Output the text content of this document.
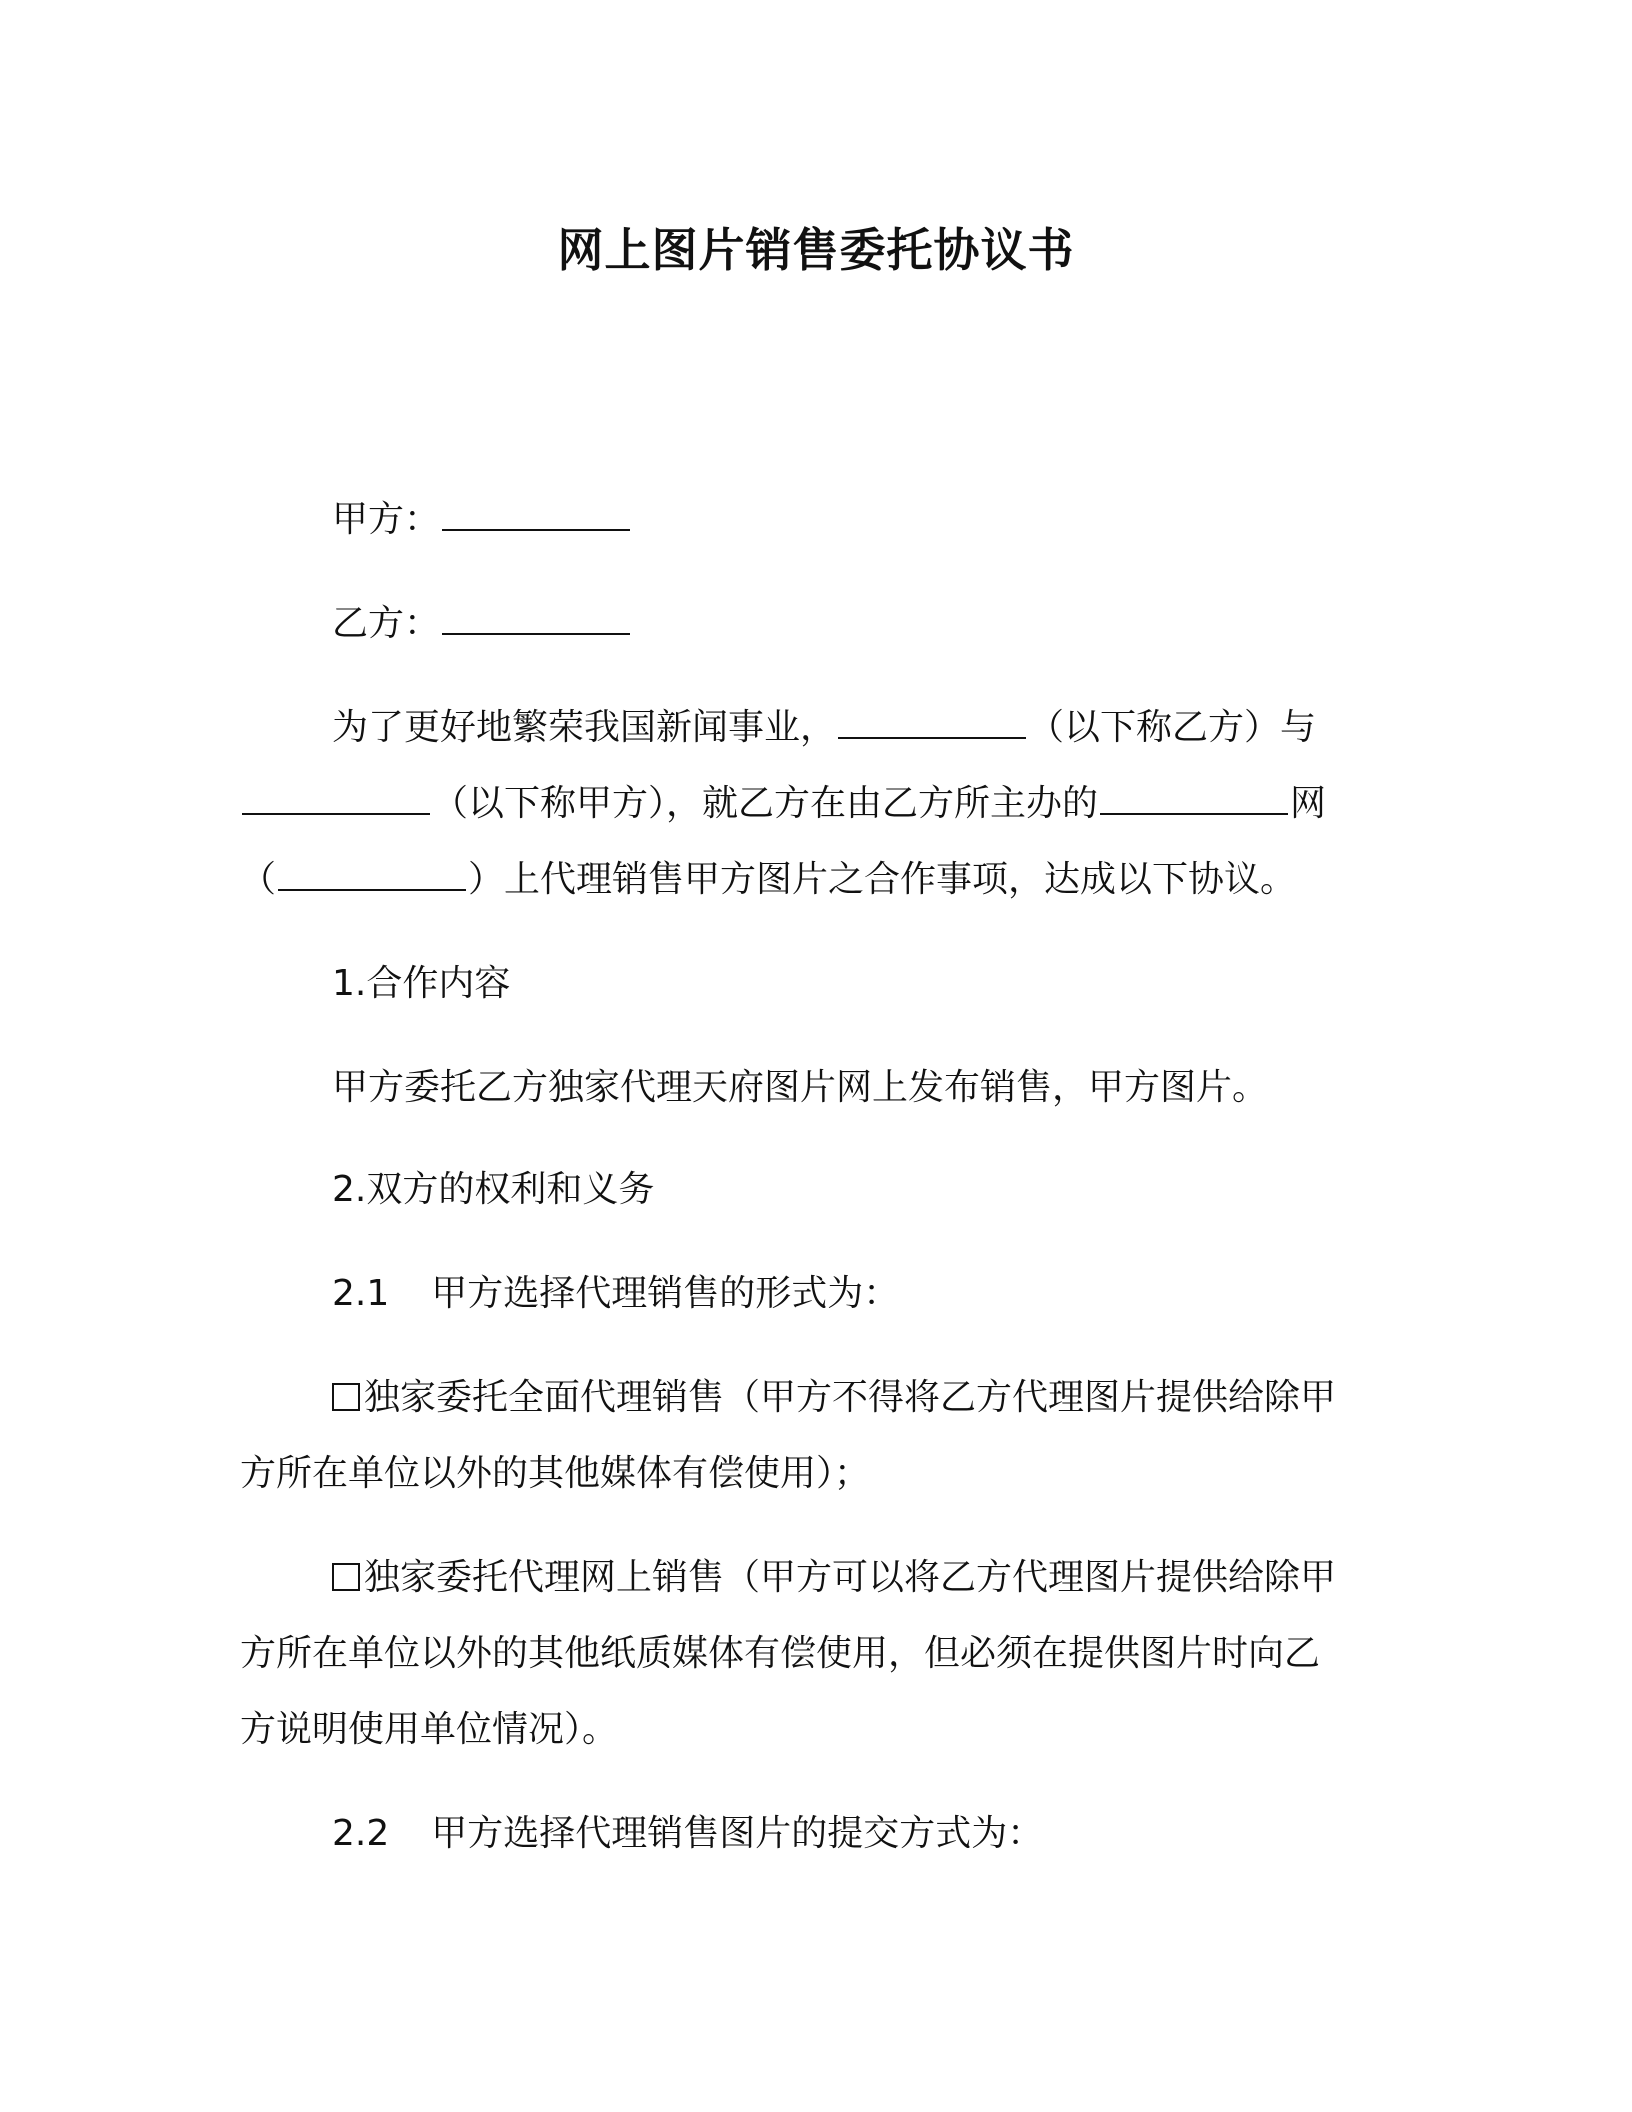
网上图片销售委托协议书
甲方：
乙方：
为了更好地繁荣我国新闻事业，	（以下称乙方）与
（以下称甲方），就乙方在由乙方所主办的	网
（	）上代理销售甲方图片之合作事项，达成以下协议。
1.合作内容
甲方委托乙方独家代理天府图片网上发布销售，甲方图片。
2.双方的权利和义务
2.1 甲方选择代理销售的形式为：
独家委托全面代理销售（甲方不得将乙方代理图片提供给除甲
方所在单位以外的其他媒体有偿使用）；
独家委托代理网上销售（甲方可以将乙方代理图片提供给除甲
方所在单位以外的其他纸质媒体有偿使用，但必须在提供图片时向乙
方说明使用单位情况）。
2.2 甲方选择代理销售图片的提交方式为：
